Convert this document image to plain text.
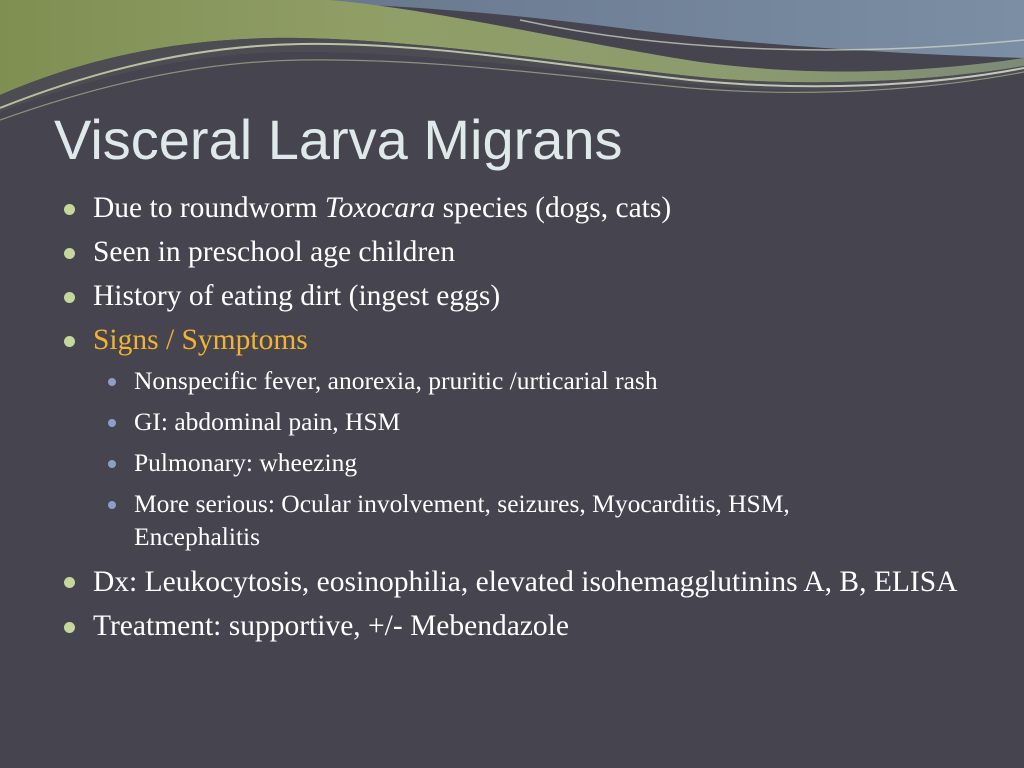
Visceral Larva Migrans
Due to roundworm Toxocara species (dogs, cats)
Seen in preschool age children
History of eating dirt (ingest eggs)
Signs / Symptoms
Nonspecific fever, anorexia, pruritic /urticarial rash
GI: abdominal pain, HSM
Pulmonary: wheezing
More serious: Ocular involvement, seizures, Myocarditis, HSM, Encephalitis
Dx: Leukocytosis, eosinophilia, elevated isohemagglutinins A, B, ELISA
Treatment: supportive, +/- Mebendazole
